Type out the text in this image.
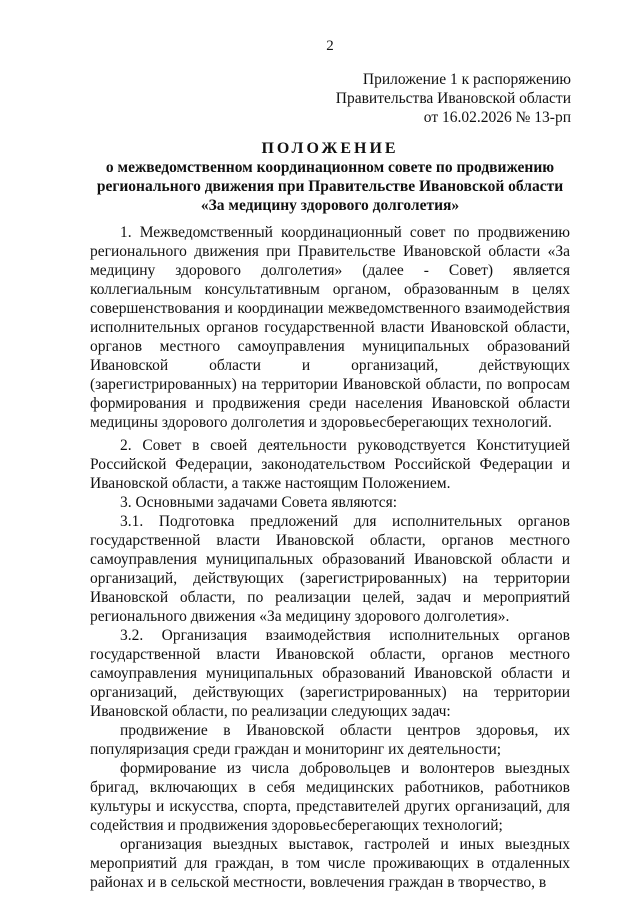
2
Приложение 1 к распоряжению
Правительства Ивановской области
от 16.02.2026 № 13-рп
ПОЛОЖЕНИЕ
о межведомственном координационном совете по продвижению
регионального движения при Правительстве Ивановской области
«За медицину здорового долголетия»

1. Межведомственный координационный совет по продвижению регионального движения при Правительстве Ивановской области «За медицину здорового долголетия» (далее - Совет) является коллегиальным консультативным органом, образованным в целях совершенствования и координации межведомственного взаимодействия исполнительных органов государственной власти Ивановской области, органов местного самоуправления муниципальных образований Ивановской области и организаций, действующих (зарегистрированных) на территории Ивановской области, по вопросам формирования и продвижения среди населения Ивановской области медицины здорового долголетия и здоровьесберегающих технологий.

2. Совет в своей деятельности руководствуется Конституцией Российской Федерации, законодательством Российской Федерации и Ивановской области, а также настоящим Положением.

3. Основными задачами Совета являются:

3.1. Подготовка предложений для исполнительных органов государственной власти Ивановской области, органов местного самоуправления муниципальных образований Ивановской области и организаций, действующих (зарегистрированных) на территории Ивановской области, по реализации целей, задач и мероприятий регионального движения «За медицину здорового долголетия».

3.2. Организация взаимодействия исполнительных органов государственной власти Ивановской области, органов местного самоуправления муниципальных образований Ивановской области и организаций, действующих (зарегистрированных) на территории Ивановской области, по реализации следующих задач:

продвижение в Ивановской области центров здоровья, их популяризация среди граждан и мониторинг их деятельности;

формирование из числа добровольцев и волонтеров выездных бригад, включающих в себя медицинских работников, работников культуры и искусства, спорта, представителей других организаций, для содействия и продвижения здоровьесберегающих технологий;

организация выездных выставок, гастролей и иных выездных мероприятий для граждан, в том числе проживающих в отдаленных районах и в сельской местности, вовлечения граждан в творчество, в
